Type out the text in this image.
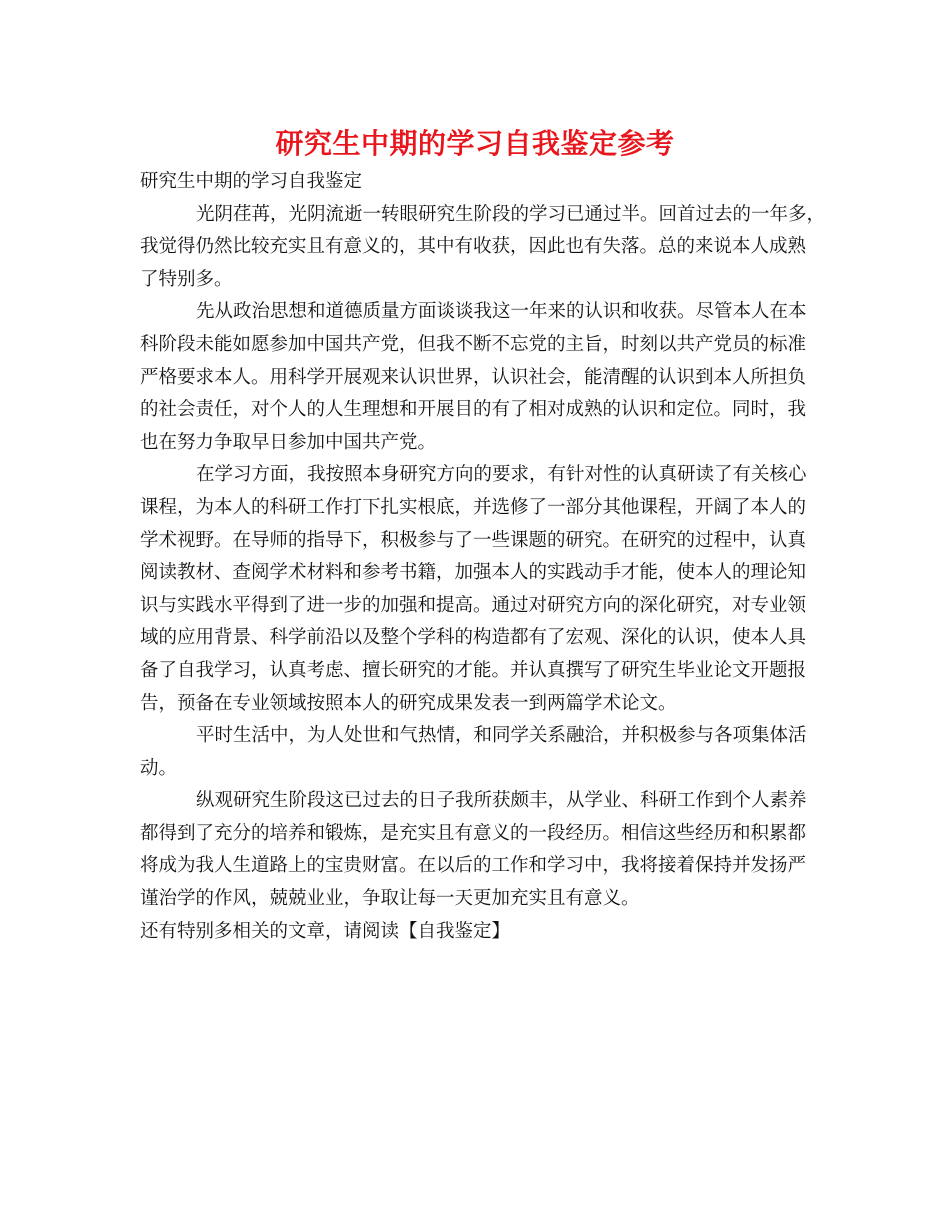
研究生中期的学习自我鉴定参考
研究生中期的学习自我鉴定
光阴荏苒，光阴流逝一转眼研究生阶段的学习已通过半。回首过去的一年多，
我觉得仍然比较充实且有意义的，其中有收获，因此也有失落。总的来说本人成熟
了特别多。
先从政治思想和道德质量方面谈谈我这一年来的认识和收获。尽管本人在本
科阶段未能如愿参加中国共产党，但我不断不忘党的主旨，时刻以共产党员的标准
严格要求本人。用科学开展观来认识世界，认识社会，能清醒的认识到本人所担负
的社会责任，对个人的人生理想和开展目的有了相对成熟的认识和定位。同时，我
也在努力争取早日参加中国共产党。
在学习方面，我按照本身研究方向的要求，有针对性的认真研读了有关核心
课程，为本人的科研工作打下扎实根底，并选修了一部分其他课程，开阔了本人的
学术视野。在导师的指导下，积极参与了一些课题的研究。在研究的过程中，认真
阅读教材、查阅学术材料和参考书籍，加强本人的实践动手才能，使本人的理论知
识与实践水平得到了进一步的加强和提高。通过对研究方向的深化研究，对专业领
域的应用背景、科学前沿以及整个学科的构造都有了宏观、深化的认识，使本人具
备了自我学习，认真考虑、擅长研究的才能。并认真撰写了研究生毕业论文开题报
告，预备在专业领域按照本人的研究成果发表一到两篇学术论文。
平时生活中，为人处世和气热情，和同学关系融洽，并积极参与各项集体活
动。
纵观研究生阶段这已过去的日子我所获颇丰，从学业、科研工作到个人素养
都得到了充分的培养和锻炼，是充实且有意义的一段经历。相信这些经历和积累都
将成为我人生道路上的宝贵财富。在以后的工作和学习中，我将接着保持并发扬严
谨治学的作风，兢兢业业，争取让每一天更加充实且有意义。
还有特别多相关的文章，请阅读【自我鉴定】
